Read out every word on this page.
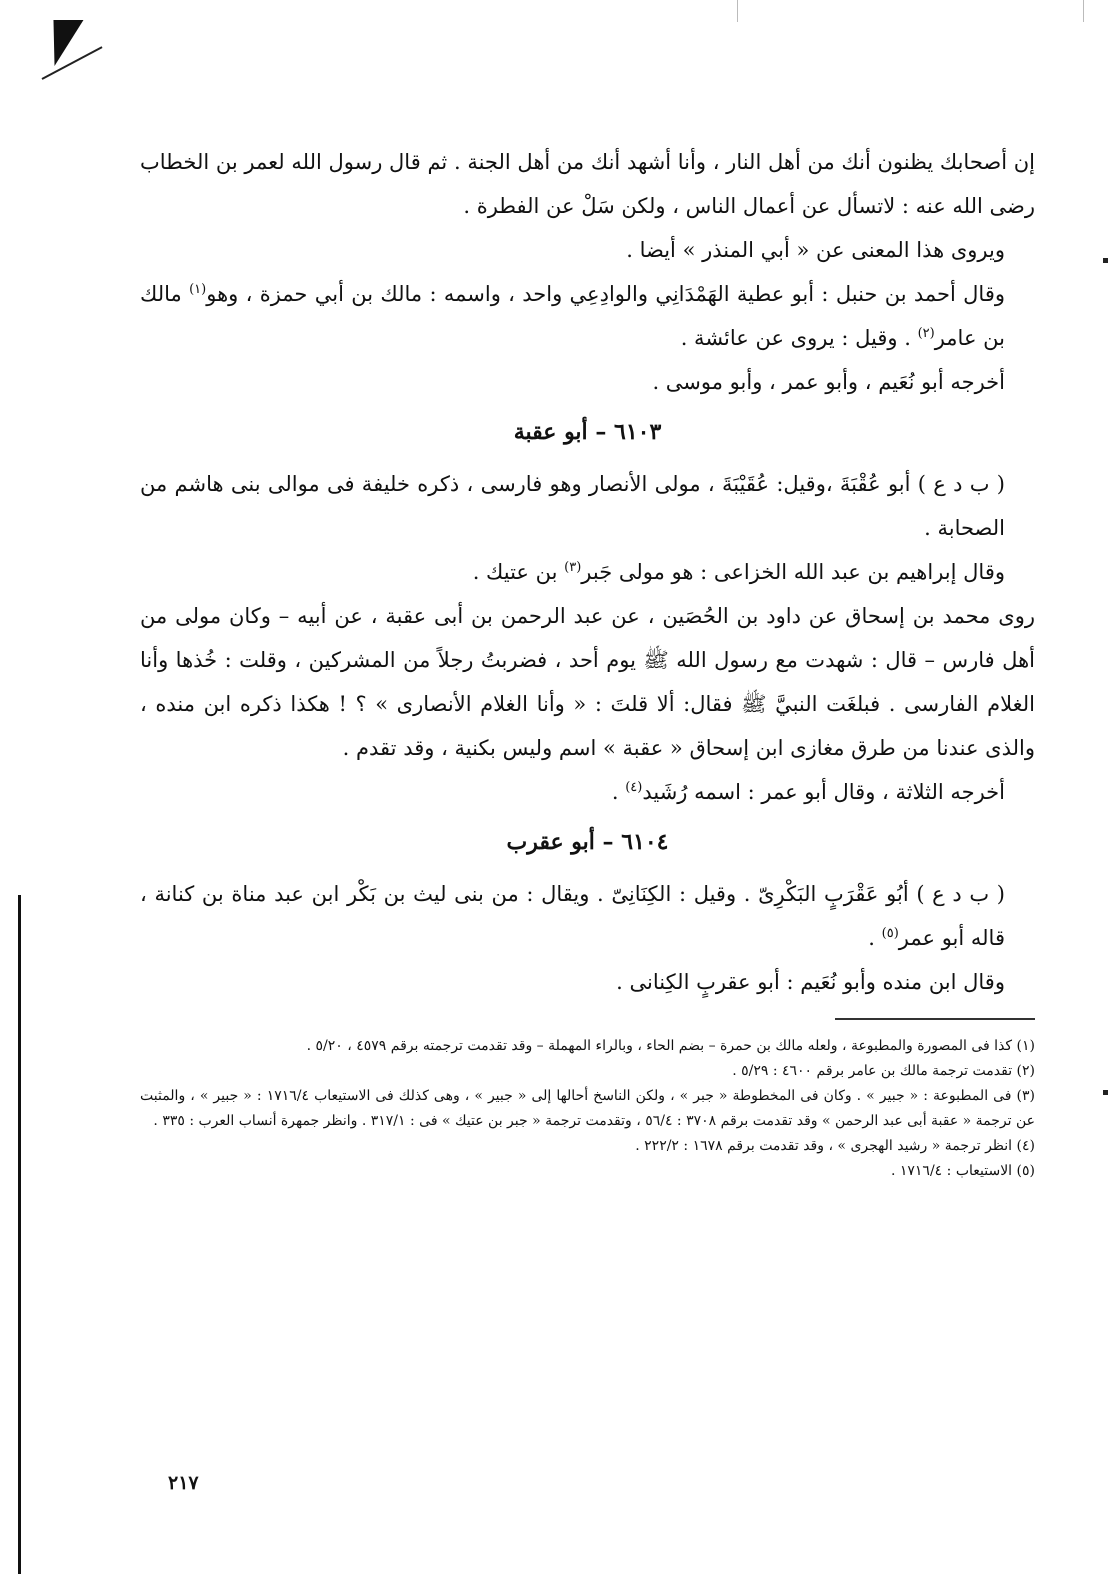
إن أصحابك يظنون أنك من أهل النار ، وأنا أشهد أنك من أهل الجنة . ثم قال رسول الله لعمر بن الخطاب رضى الله عنه : لاتسأل عن أعمال الناس ، ولكن سَلْ عن الفطرة .

ويروى هذا المعنى عن « أبي المنذر » أيضا .

وقال أحمد بن حنبل : أبو عطية الهَمْدَانِي والوادِعِي واحد ، واسمه : مالك بن أبي حمزة ، وهو$^{(١)}$ مالك بن عامر$^{(٢)}$ . وقيل : يروى عن عائشة .

أخرجه أبو نُعَيم ، وأبو عمر ، وأبو موسى .

٦١٠٣ – أبو عقبة

( ب د ع ) أبو عُقْبَةَ ،وقيل: عُقَيْبَةَ ، مولى الأنصار وهو فارسى ، ذكره خليفة فى موالى بنى هاشم من الصحابة .

وقال إبراهيم بن عبد الله الخزاعى : هو مولى جَبر$^{(٣)}$ بن عتيك .

روى محمد بن إسحاق عن داود بن الحُصَين ، عن عبد الرحمن بن أبى عقبة ، عن أبيه – وكان مولى من أهل فارس – قال : شهدت مع رسول الله ﷺ يوم أحد ، فضربتُ رجلاً من المشركين ، وقلت : خُذها وأنا الغلام الفارسى . فبلغَت النبيَّ ﷺ فقال: ألا قلتَ : « وأنا الغلام الأنصارى » ؟ ! هكذا ذكره ابن منده ، والذى عندنا من طرق مغازى ابن إسحاق « عقبة » اسم وليس بكنية ، وقد تقدم .

أخرجه الثلاثة ، وقال أبو عمر : اسمه رُشَيد$^{(٤)}$ .

٦١٠٤ – أبو عقرب

( ب د ع ) أبُو عَقْرَبٍ البَكْرِىّ . وقيل : الكِنَانِىّ . ويقال : من بنى ليث بن بَكْر ابن عبد مناة بن كنانة ، قاله أبو عمر$^{(٥)}$ .

وقال ابن منده وأبو نُعَيم : أبو عقربٍ الكِنانى .

(١) كذا فى المصورة والمطبوعة ، ولعله مالك بن حمرة – بضم الحاء ، وبالراء المهملة – وقد تقدمت ترجمته برقم ٤٥٧٩ ، ٥/٢٠ .

(٢) تقدمت ترجمة مالك بن عامر برقم ٤٦٠٠ : ٥/٢٩ .

(٣) فى المطبوعة : « جبير » . وكان فى المخطوطة « جبر » ، ولكن الناسخ أحالها إلى « جبير » ، وهى كذلك فى الاستيعاب ١٧١٦/٤ : « جبير » ، والمثبت عن ترجمة « عقبة أبى عبد الرحمن » وقد تقدمت برقم ٣٧٠٨ : ٥٦/٤ ، وتقدمت ترجمة « جبر بن عتيك » فى : ٣١٧/١ . وانظر جمهرة أنساب العرب : ٣٣٥ .

(٤) انظر ترجمة « رشيد الهجرى » ، وقد تقدمت برقم ١٦٧٨ : ٢٢٢/٢ .

(٥) الاستيعاب : ١٧١٦/٤ .

٢١٧
